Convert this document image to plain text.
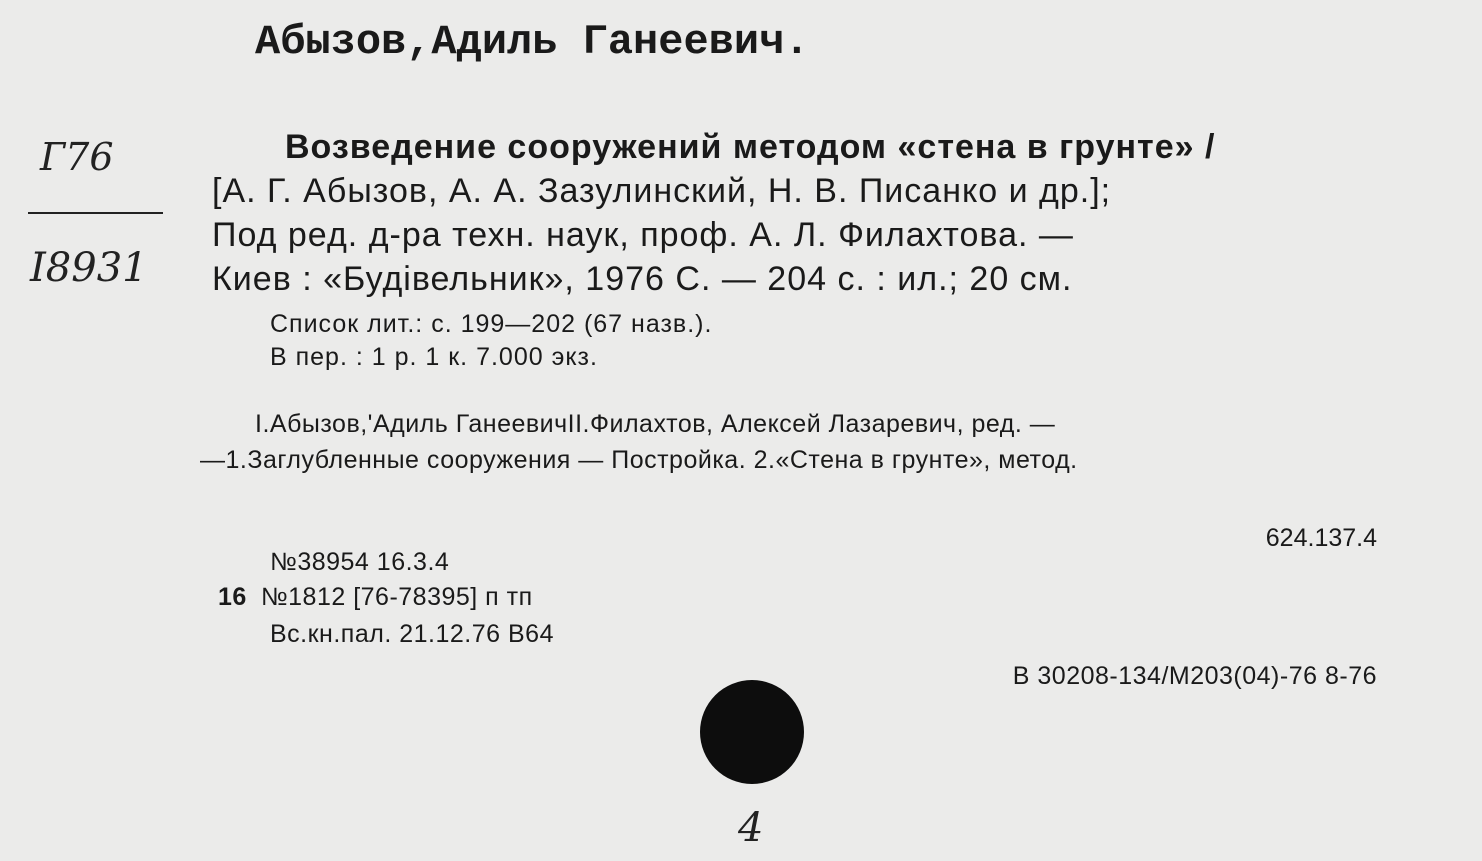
Абызов,Адиль Ганеевич.

Г76
I8931

Возведение сооружений методом «стена в грунте» /

[А. Г. Абызов, А. А. Зазулинский, Н. В. Писанко и др.];

Под ред. д-ра техн. наук, проф. А. Л. Филахтова. —

Киев : «Будівельник», 1976 С. — 204 с. : ил.; 20 см.

Список лит.: с. 199—202 (67 назв.).

В пер. : 1 р. 1 к. 7.000 экз.

I.Абызов,'Адиль ГанеевичII.Филахтов, Алексей Лазаревич, ред. —

—1.Заглубленные сооружения — Постройка. 2.«Стена в грунте», метод.

624.137.4

№38954 16.3.4

16 №1812 [76-78395] п тп

Вс.кн.пал. 21.12.76 B64

В 30208-134/М203(04)-76 8-76

4
